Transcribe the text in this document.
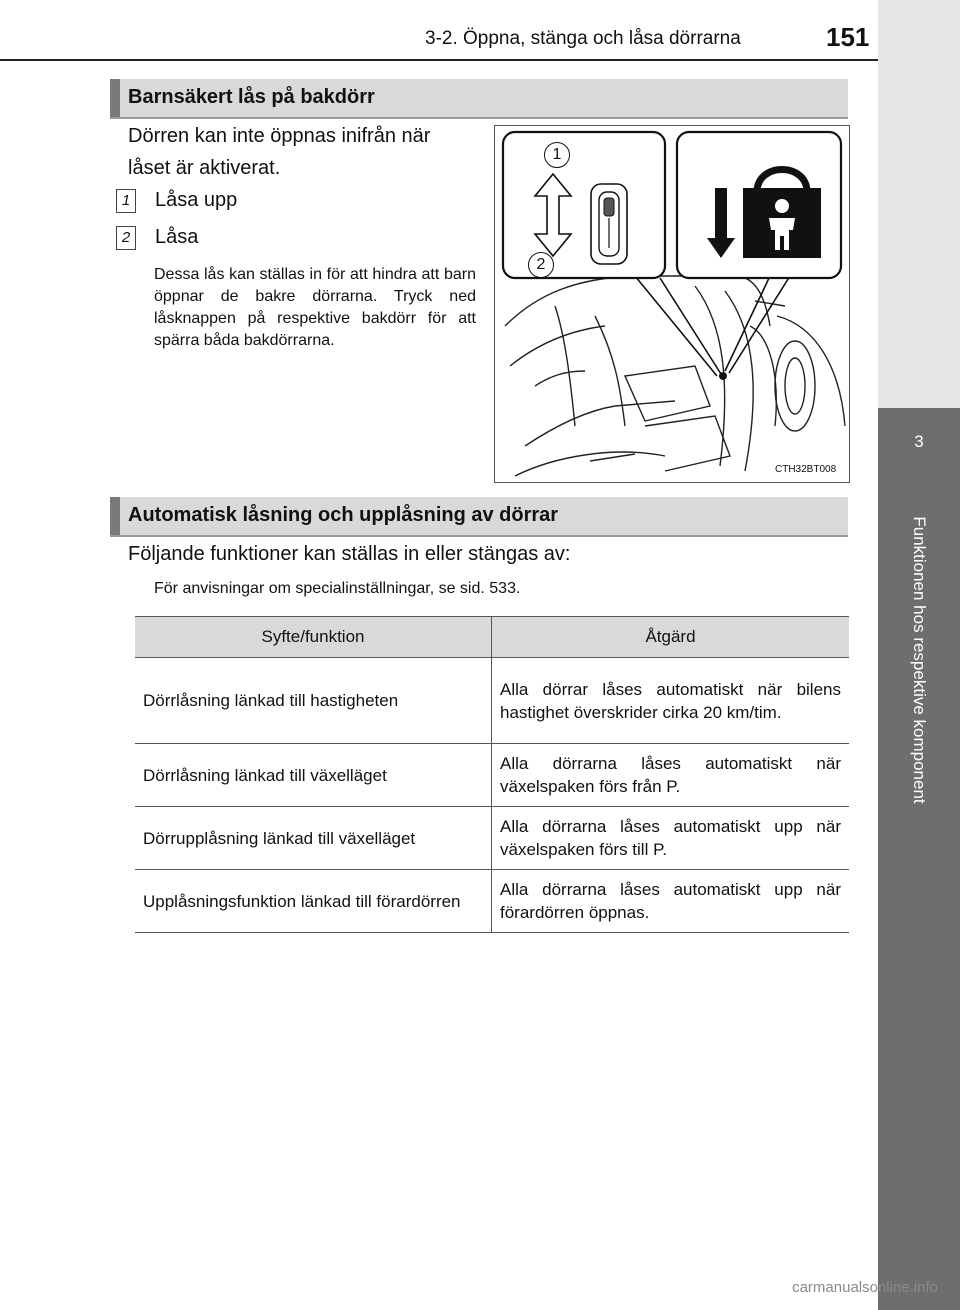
3-2. Öppna, stänga och låsa dörrarna	151
3
Funktionen hos respektive komponent
Barnsäkert lås på bakdörr
Dörren kan inte öppnas inifrån när
låset är aktiverat.
1 Låsa upp
2 Låsa
Dessa lås kan ställas in för att hindra att barn öppnar de bakre dörrarna. Tryck ned låsknappen på respektive bakdörr för att spärra båda bakdörrarna.
1
2
CTH32BT008
Automatisk låsning och upplåsning av dörrar
Följande funktioner kan ställas in eller stängas av:
För anvisningar om specialinställningar, se sid. 533.
Syfte/funktion	Åtgärd
Dörrlåsning länkad till hastigheten	Alla dörrar låses automatiskt när bilens hastighet överskrider cirka 20 km/tim.
Dörrlåsning länkad till växelläget	Alla dörrarna låses automatiskt när växelspaken förs från P.
Dörrupplåsning länkad till växelläget	Alla dörrarna låses automatiskt upp när växelspaken förs till P.
Upplåsningsfunktion länkad till förardörren	Alla dörrarna låses automatiskt upp när förardörren öppnas.
carmanualsonline.info
